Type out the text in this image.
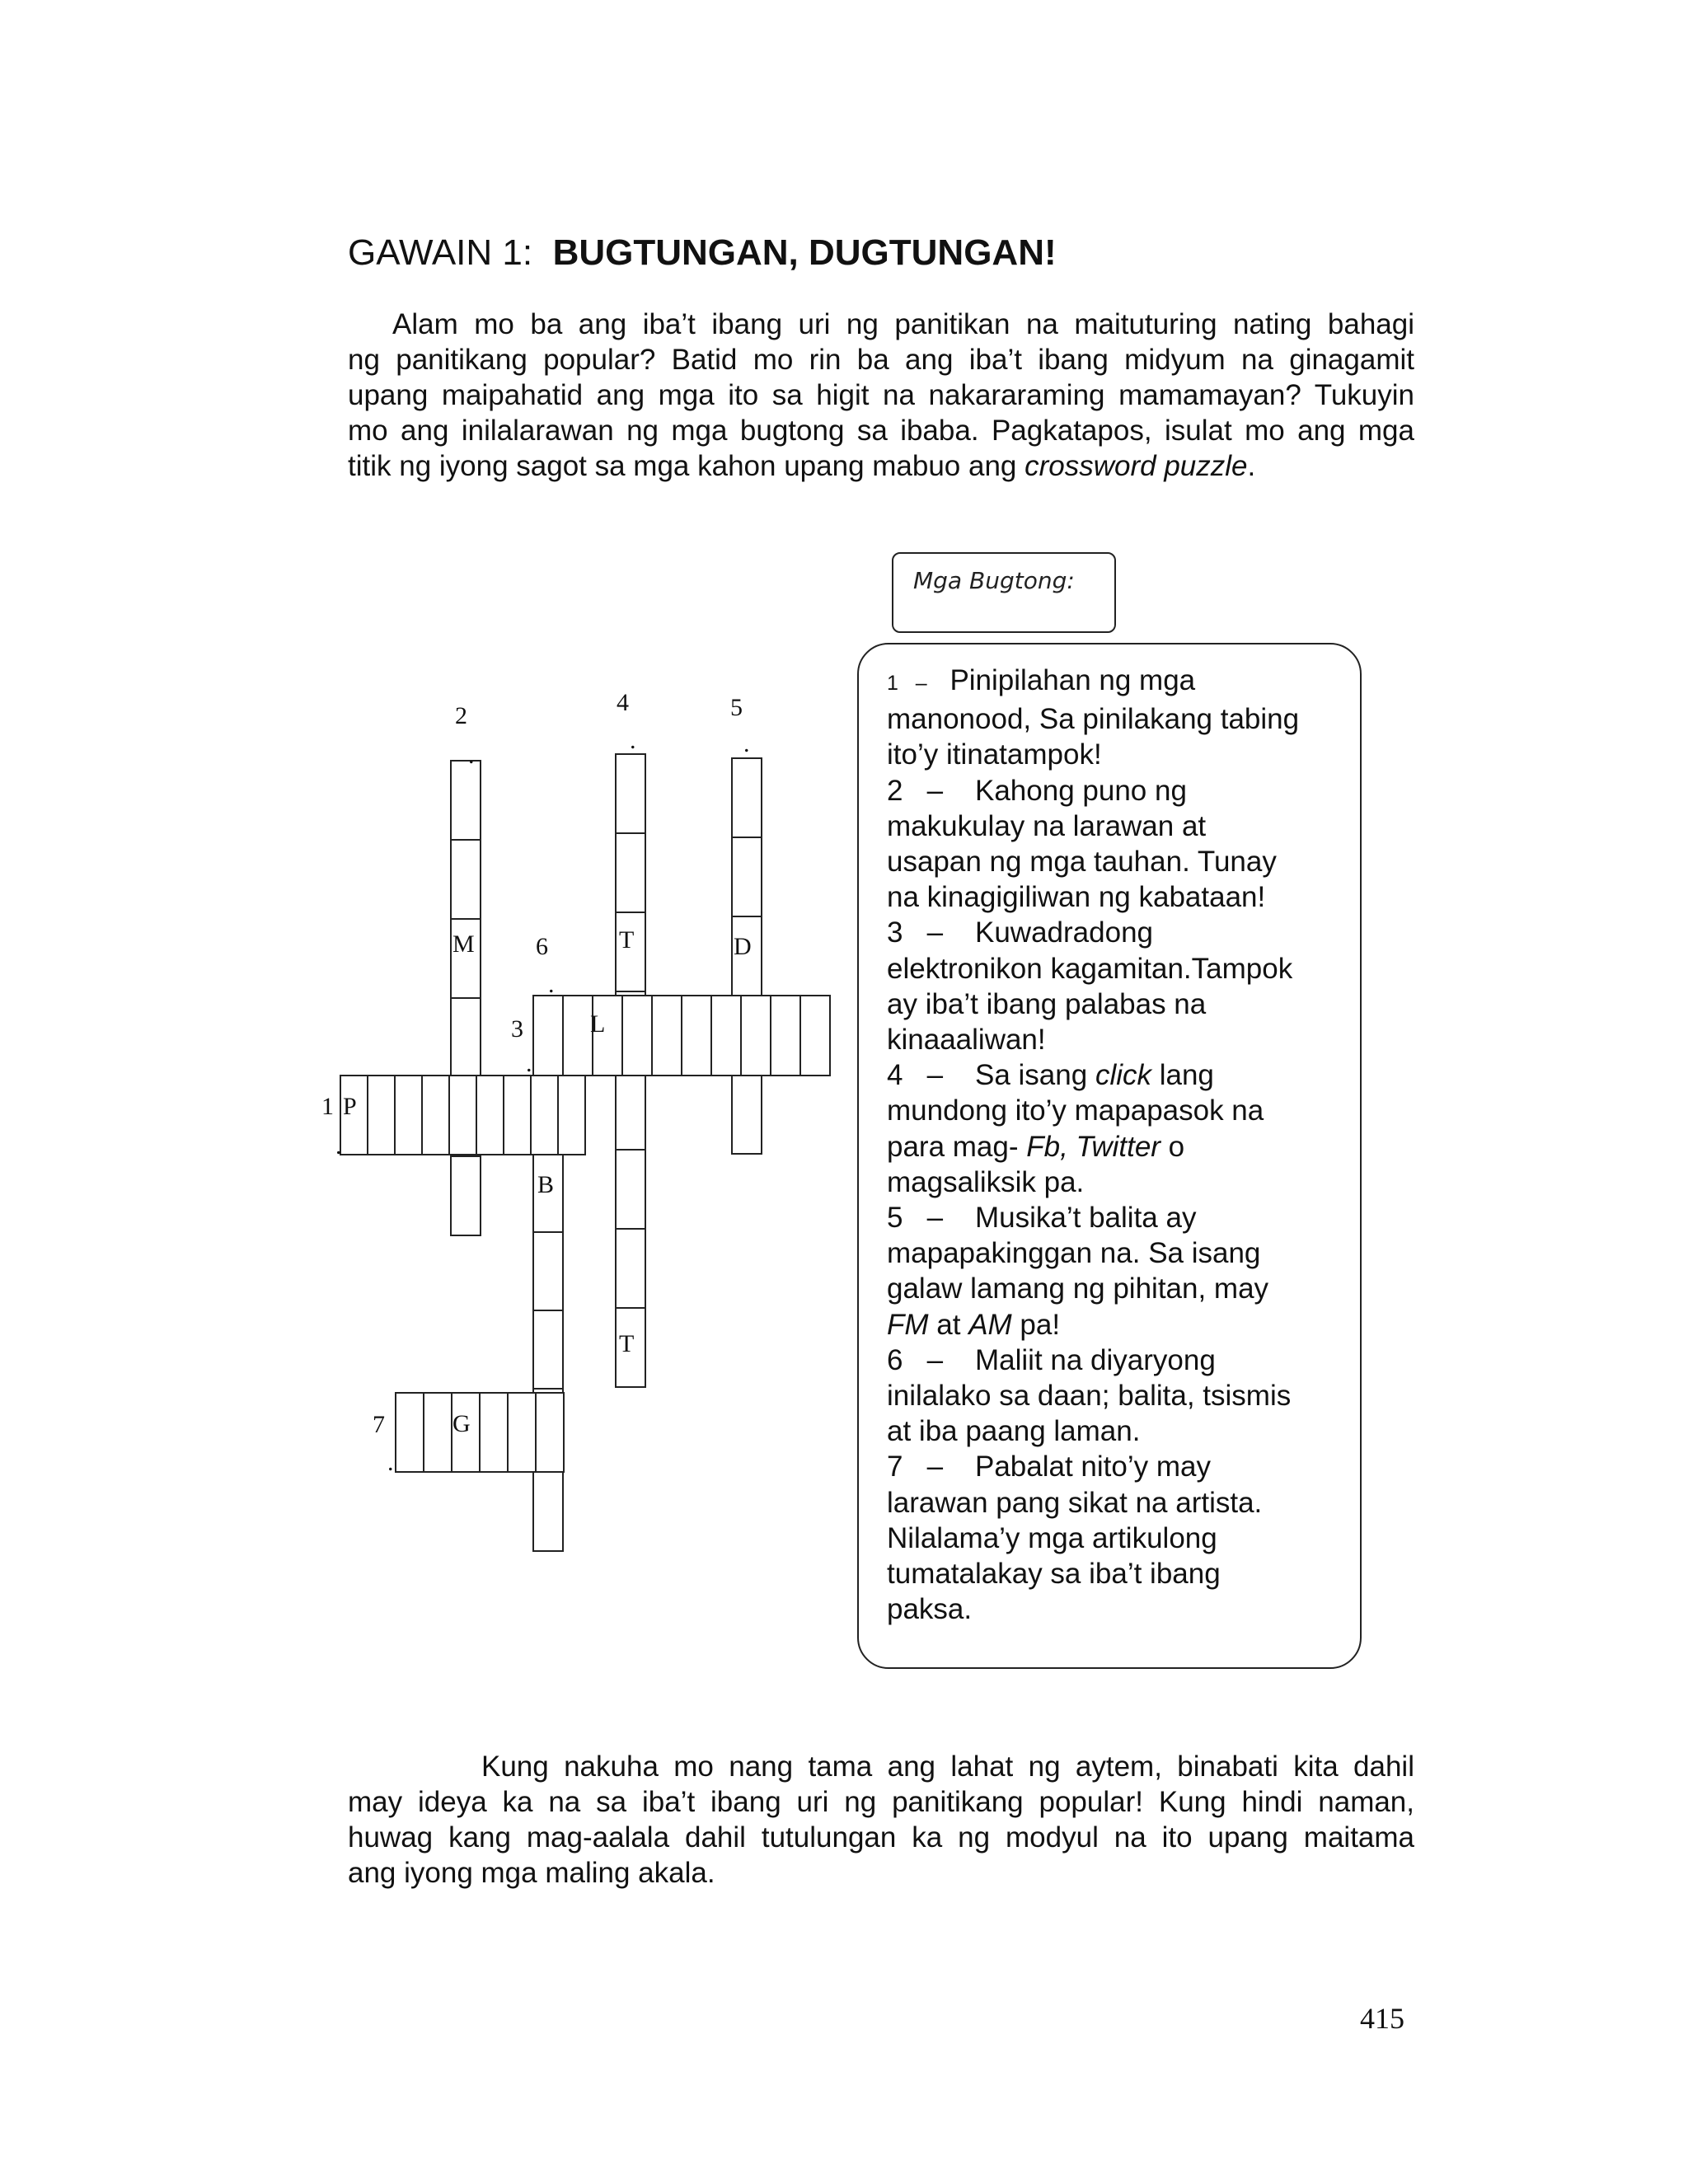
GAWAIN 1: BUGTUNGAN, DUGTUNGAN!

Alam mo ba ang iba’t ibang uri ng panitikan na maituturing nating bahagi
ng panitikang popular? Batid mo rin ba ang iba’t ibang midyum na ginagamit
upang maipahatid ang mga ito sa higit na nakararaming mamamayan? Tukuyin
mo ang inilalarawan ng mga bugtong sa ibaba. Pagkatapos, isulat mo ang mga
titik ng iyong sagot sa mga kahon upang mabuo ang crossword puzzle.

Mga Bugtong:
1   –    Pinipilahan ng mga
manonood, Sa pinilakang tabing
ito’y itinatampok!
2   –    Kahong puno ng
makukulay na larawan at
usapan ng mga tauhan. Tunay
na kinagigiliwan ng kabataan!
3   –    Kuwadradong
elektronikon kagamitan.Tampok
ay iba’t ibang palabas na
kinaaaliwan!
4   –    Sa isang click lang
mundong ito’y mapapasok na
para mag- Fb, Twitter o
magsaliksik pa.
5   –    Musika’t balita ay
mapapakinggan na. Sa isang
galaw lamang ng pihitan, may
FM at AM pa!
6   –    Maliit na diyaryong
inilalako sa daan; balita, tsismis
at iba paang laman.
7   –    Pabalat nito’y may
larawan pang sikat na artista.
Nilalama’y mga artikulong
tumatalakay sa iba’t ibang
paksa.
1
.
2
.
3
.
4
.
5
.
6
.
7
.
P
M	T	D
L
B
T
G

Kung nakuha mo nang tama ang lahat ng aytem, binabati kita dahil
may ideya ka na sa iba’t ibang uri ng panitikang popular! Kung hindi naman,
huwag kang mag-aalala dahil tutulungan ka ng modyul na ito upang maitama
ang iyong mga maling akala.

415
